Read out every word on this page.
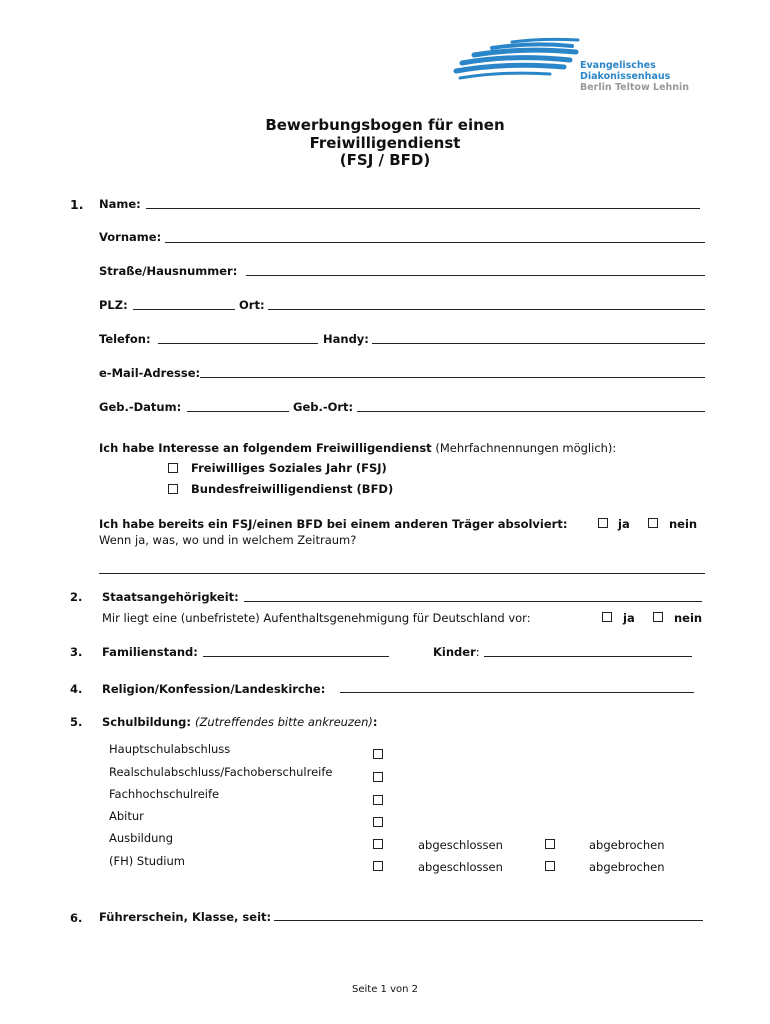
Evangelisches
Diakonissenhaus
Berlin Teltow Lehnin
Bewerbungsbogen für einen
Freiwilligendienst
(FSJ / BFD)
1. Name:
Vorname:
Straße/Hausnummer:
PLZ:	Ort:
Telefon:	Handy:
e-Mail-Adresse:
Geb.-Datum:	Geb.-Ort:
Ich habe Interesse an folgendem Freiwilligendienst (Mehrfachnennungen möglich):
Freiwilliges Soziales Jahr (FSJ)
Bundesfreiwilligendienst (BFD)
Ich habe bereits ein FSJ/einen BFD bei einem anderen Träger absolviert:	ja	nein
Wenn ja, was, wo und in welchem Zeitraum?
2. Staatsangehörigkeit:
Mir liegt eine (unbefristete) Aufenthaltsgenehmigung für Deutschland vor:	ja	nein
3. Familienstand:	Kinder:
4. Religion/Konfession/Landeskirche:
5. Schulbildung: (Zutreffendes bitte ankreuzen):
Hauptschulabschluss
Realschulabschluss/Fachoberschulreife
Fachhochschulreife
Abitur
Ausbildung	abgeschlossen	abgebrochen
(FH) Studium	abgeschlossen	abgebrochen
6. Führerschein, Klasse, seit:
Seite 1 von 2
